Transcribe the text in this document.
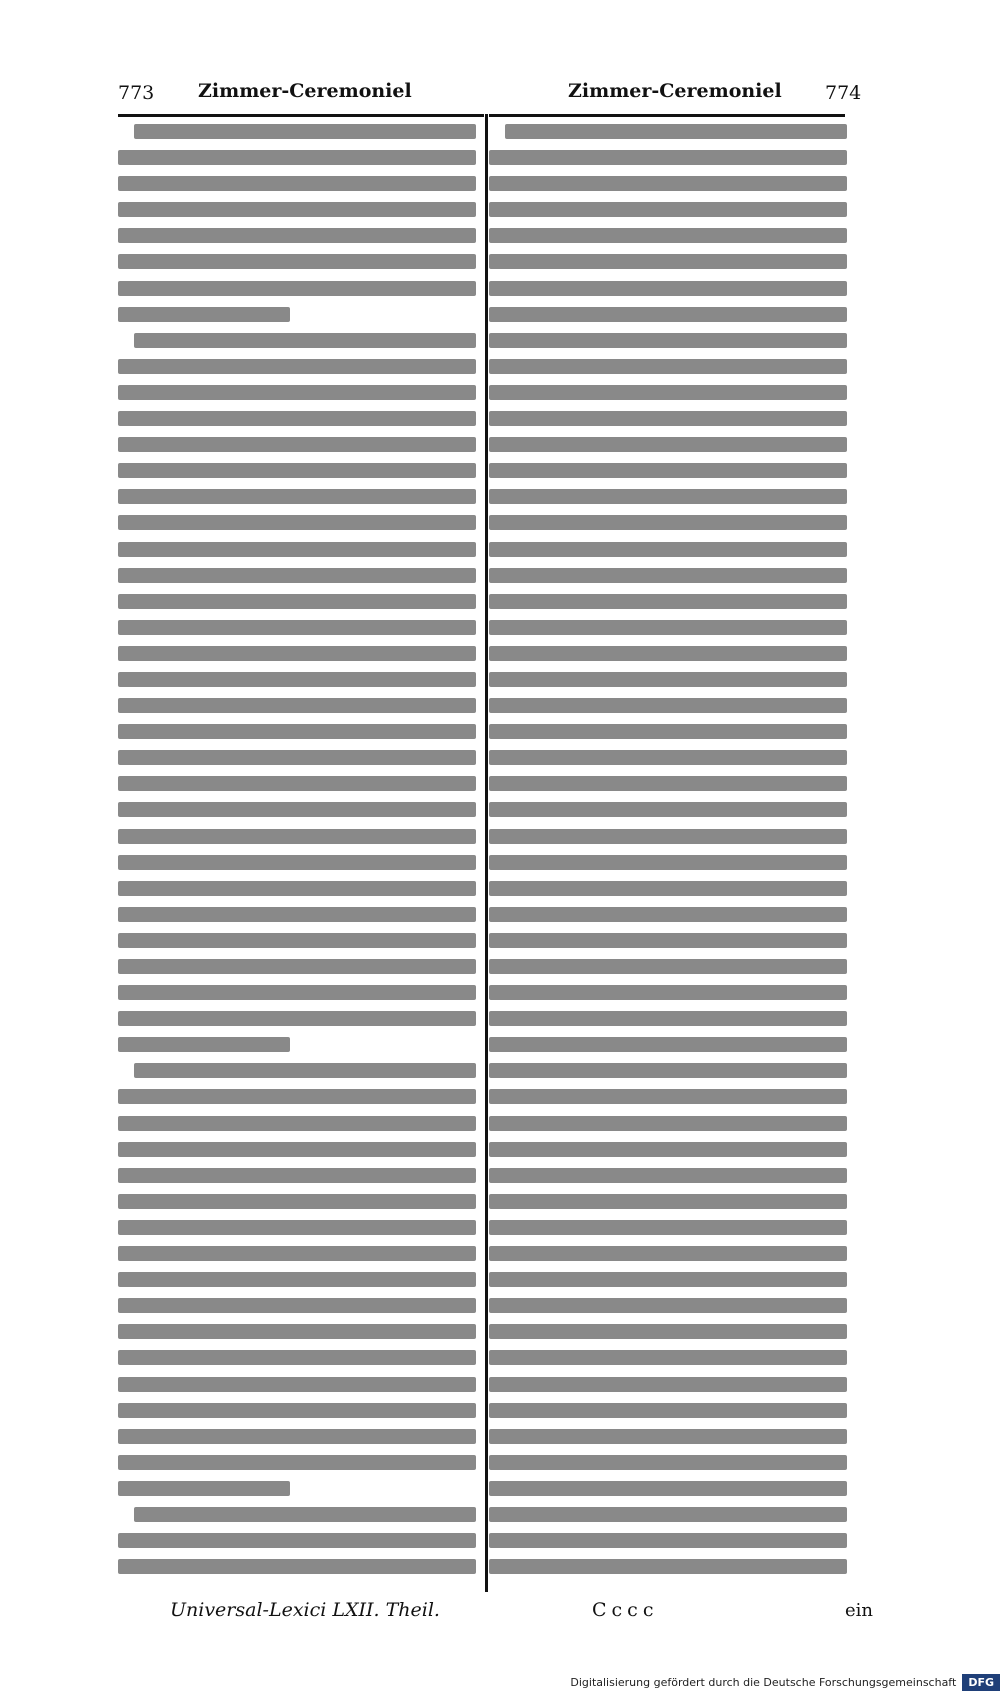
773 Zimmer-Ceremoniel	Zimmer-Ceremoniel 774
Universal-Lexici LXII. Theil.	Cccc	ein
Digitalisierung gefördert durch die Deutsche Forschungsgemeinschaft	DFG
